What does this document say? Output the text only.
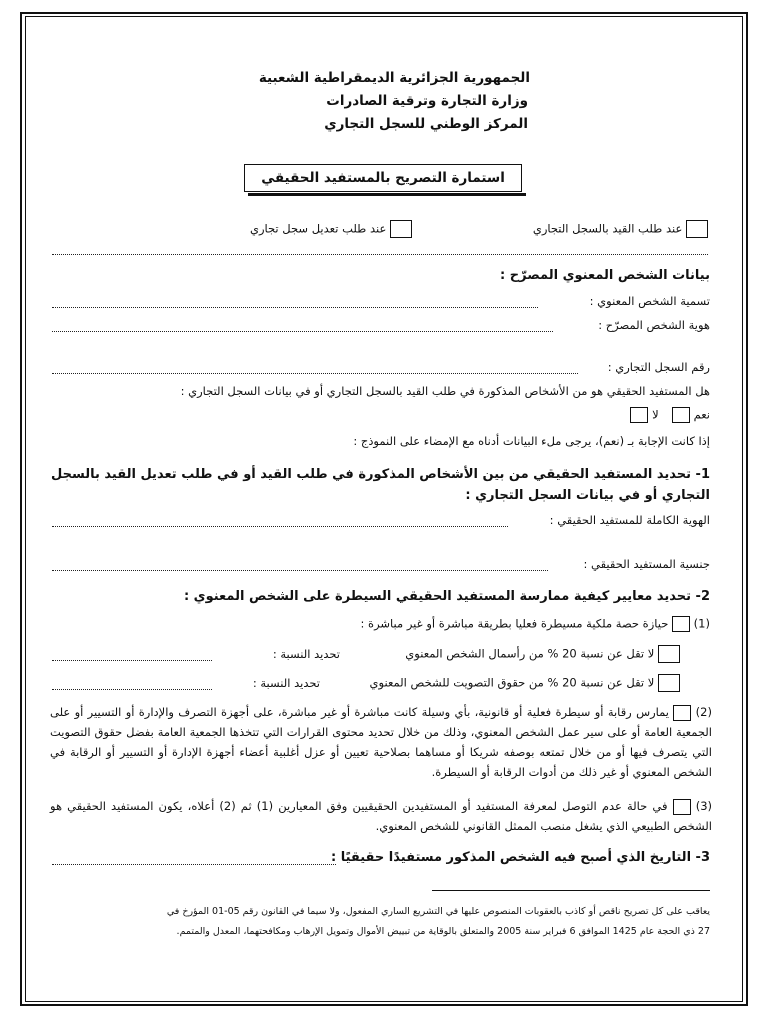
الجمهورية الجزائرية الديمقراطية الشعبية
وزارة التجارة وترقية الصادرات
المركز الوطني للسجل التجاري
استمارة التصريح بالمستفيد الحقيقي
عند طلب القيد بالسجل التجاري
عند طلب تعديل سجل تجاري
بيانات الشخص المعنوي المصرّح :
تسمية الشخص المعنوي :
هوية الشخص المصرّح :
رقم السجل التجاري :
هل المستفيد الحقيقي هو من الأشخاص المذكورة في طلب القيد بالسجل التجاري أو في بيانات السجل التجاري :
نعم   لا
إذا كانت الإجابة بـ (نعم)، يرجى ملء البيانات أدناه مع الإمضاء على النموذج :
1- تحديد المستفيد الحقيقي من بين الأشخاص المذكورة في طلب القيد أو في طلب تعديل القيد بالسجل
التجاري أو في بيانات السجل التجاري :
الهوية الكاملة للمستفيد الحقيقي :
جنسية المستفيد الحقيقي :
2- تحديد معايير كيفية ممارسة المستفيد الحقيقي السيطرة على الشخص المعنوي :
(1)  حيازة حصة ملكية مسيطرة فعليا بطريقة مباشرة أو غير مباشرة :
لا تقل عن نسبة 20 % من رأسمال الشخص المعنوي
تحديد النسبة :
لا تقل عن نسبة 20 % من حقوق التصويت للشخص المعنوي
تحديد النسبة :
(2)  يمارس رقابة أو سيطرة فعلية أو قانونية، بأي وسيلة كانت مباشرة أو غير مباشرة، على أجهزة التصرف والإدارة أو التسيير أو على الجمعية العامة أو على سير عمل الشخص المعنوي، وذلك من خلال تحديد محتوى القرارات التي تتخذها الجمعية العامة بفضل حقوق التصويت التي يتصرف فيها أو من خلال تمتعه بوصفه شريكا أو مساهما بصلاحية تعيين أو عزل أغلبية أعضاء أجهزة الإدارة أو التسيير أو الرقابة في الشخص المعنوي أو غير ذلك من أدوات الرقابة أو السيطرة.
(3)  في حالة عدم التوصل لمعرفة المستفيد أو المستفيدين الحقيقيين وفق المعيارين (1) ثم (2) أعلاه، يكون المستفيد الحقيقي هو الشخص الطبيعي الذي يشغل منصب الممثل القانوني للشخص المعنوي.
3- التاريخ الذي أصبح فيه الشخص المذكور مستفيدًا حقيقيًا :
يعاقب على كل تصريح ناقص أو كاذب بالعقوبات المنصوص عليها في التشريع الساري المفعول، ولا سيما في القانون رقم 05-01 المؤرخ في
27 ذي الحجة عام 1425 الموافق 6 فبراير سنة 2005 والمتعلق بالوقاية من تبييض الأموال وتمويل الإرهاب ومكافحتهما، المعدل والمتمم.
